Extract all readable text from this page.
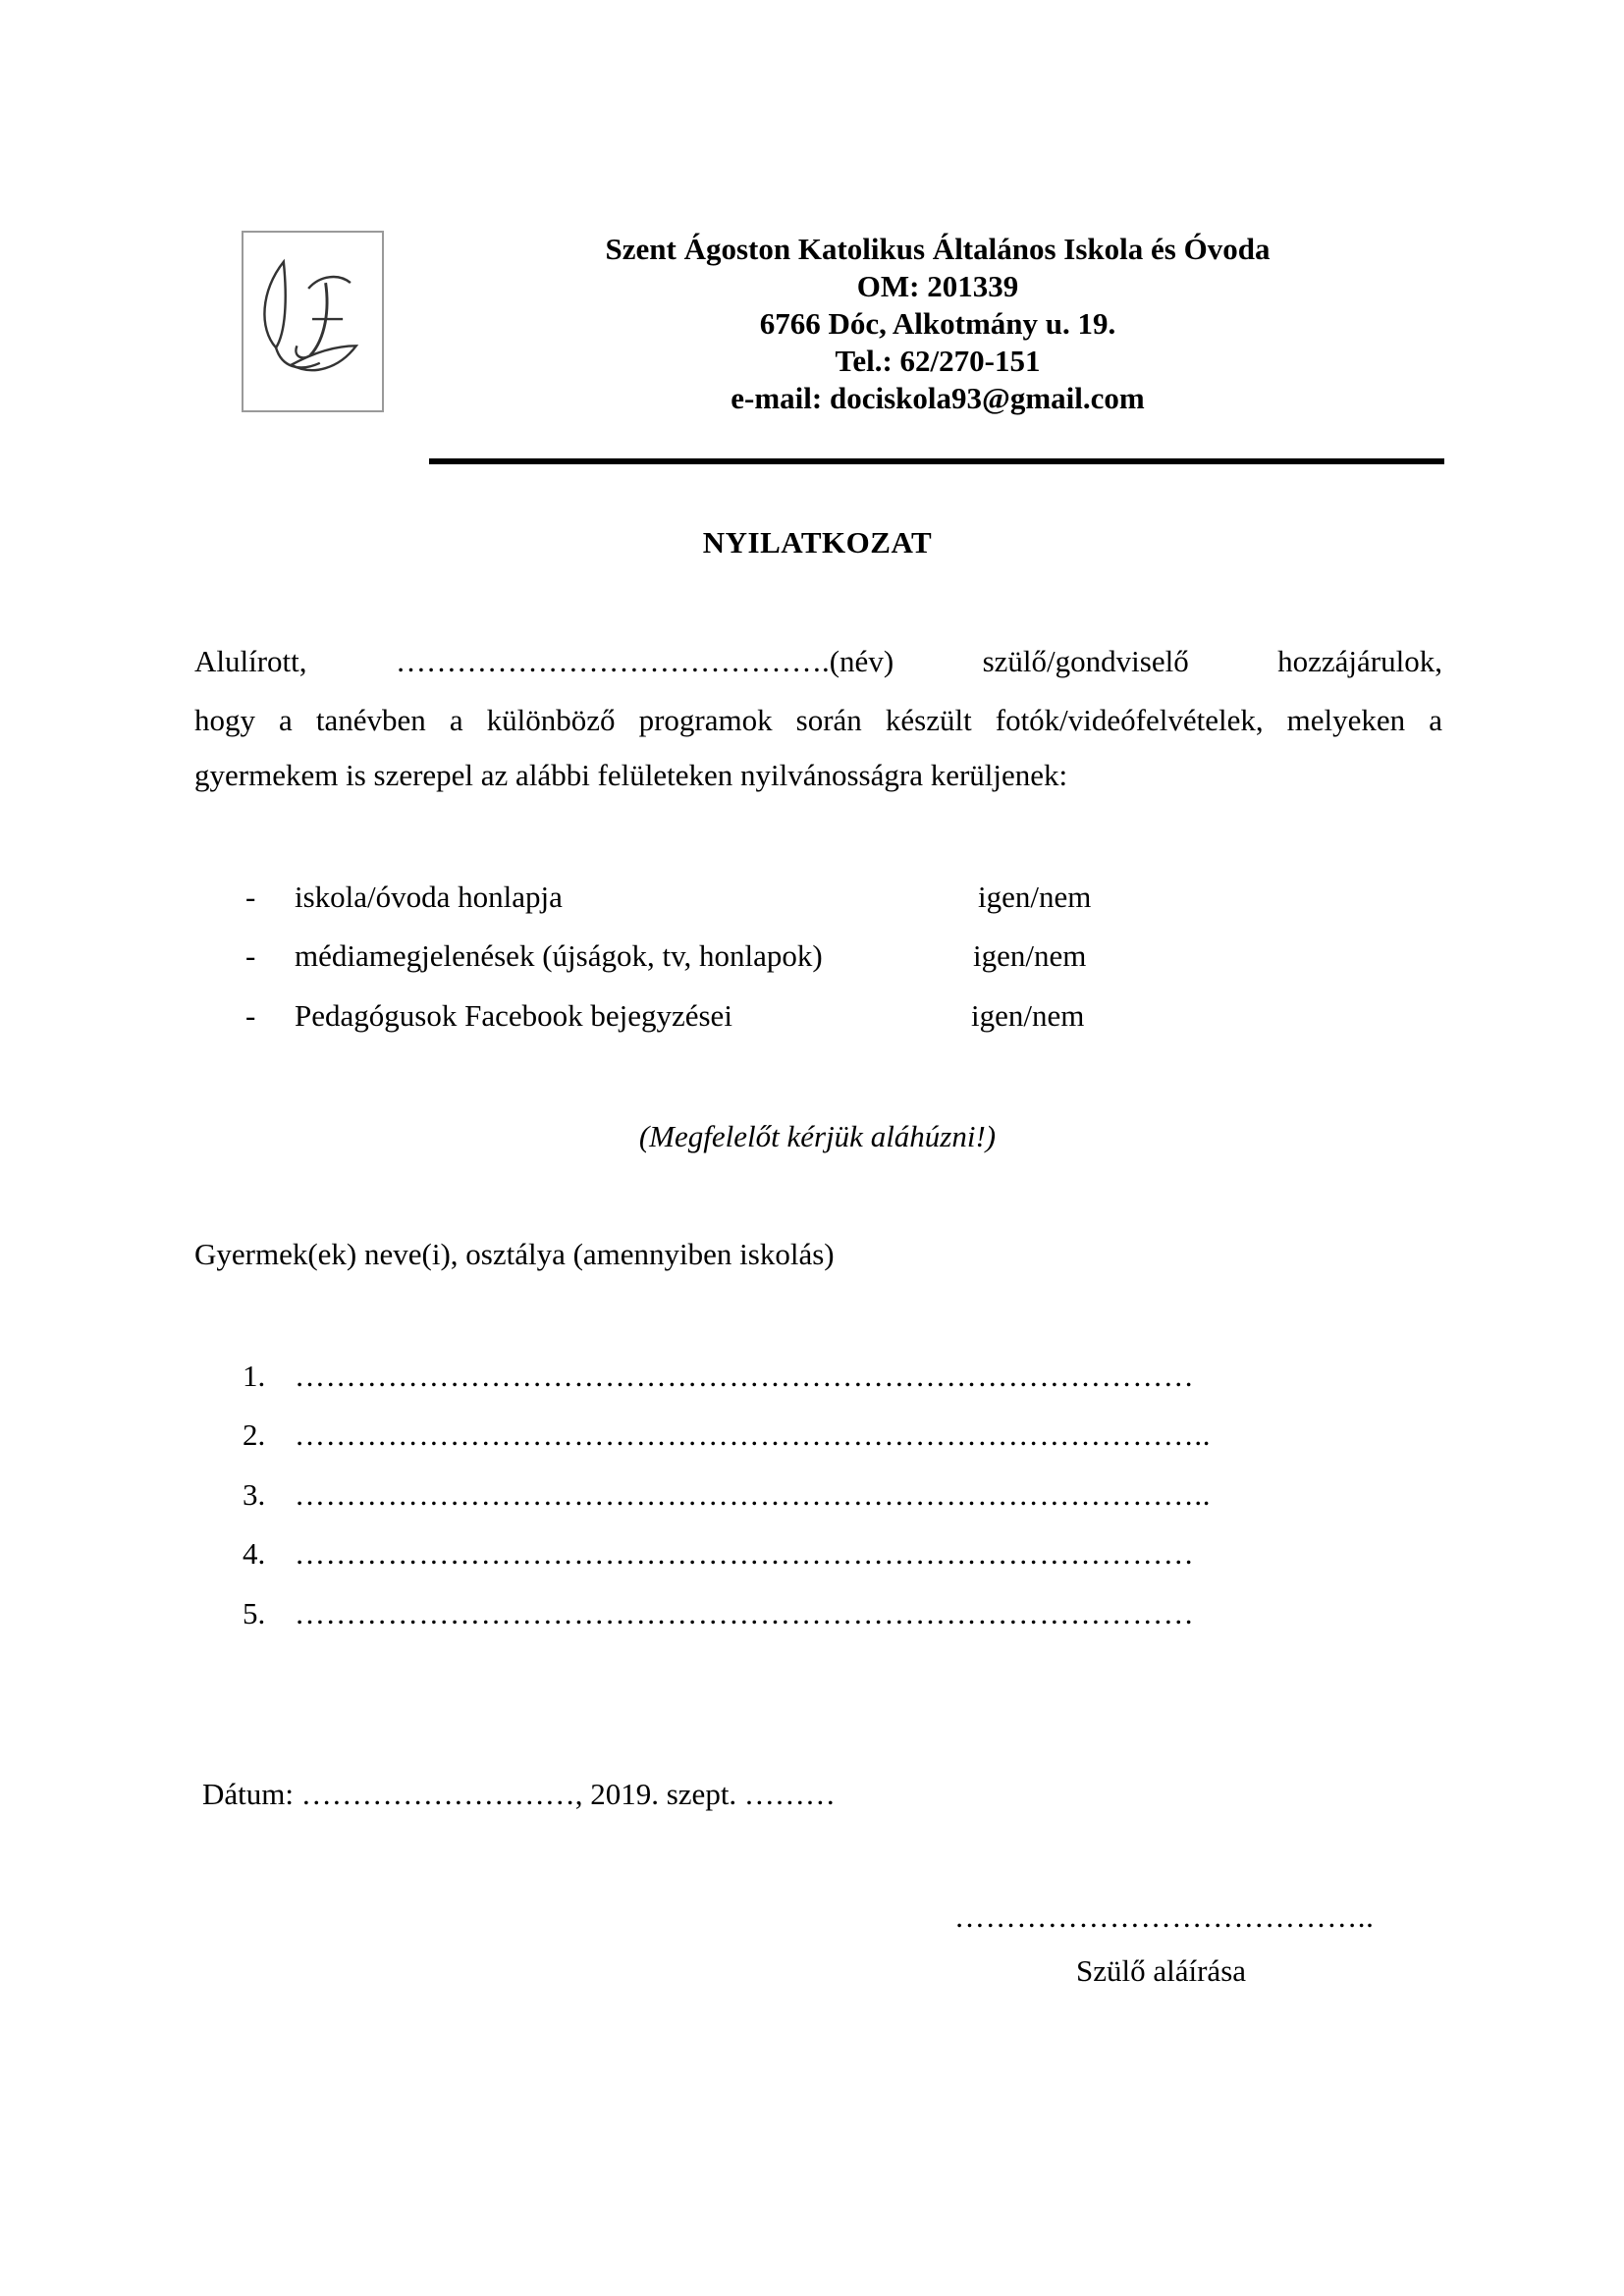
Szent Ágoston Katolikus Általános Iskola és Óvoda
OM: 201339
6766 Dóc, Alkotmány u. 19.
Tel.: 62/270-151
e-mail: dociskola93@gmail.com
NYILATKOZAT
Alulírott, …………………………………….(név) szülő/gondviselő hozzájárulok,
hogy a tanévben a különböző programok során készült fotók/videófelvételek, melyeken a
gyermekem is szerepel az alábbi felületeken nyilvánosságra kerüljenek:
- iskola/óvoda honlapja	igen/nem
- médiamegjelenések (újságok, tv, honlapok)	igen/nem
- Pedagógusok Facebook bejegyzései	igen/nem
(Megfelelőt kérjük aláhúzni!)
Gyermek(ek) neve(i), osztálya (amennyiben iskolás)
1. ……………………………………………………………………………
2. ……………………………………………………………………………..
3. ……………………………………………………………………………..
4. ……………………………………………………………………………
5. ……………………………………………………………………………
Dátum: ………………………, 2019. szept. ………
…………………………………..
Szülő aláírása
